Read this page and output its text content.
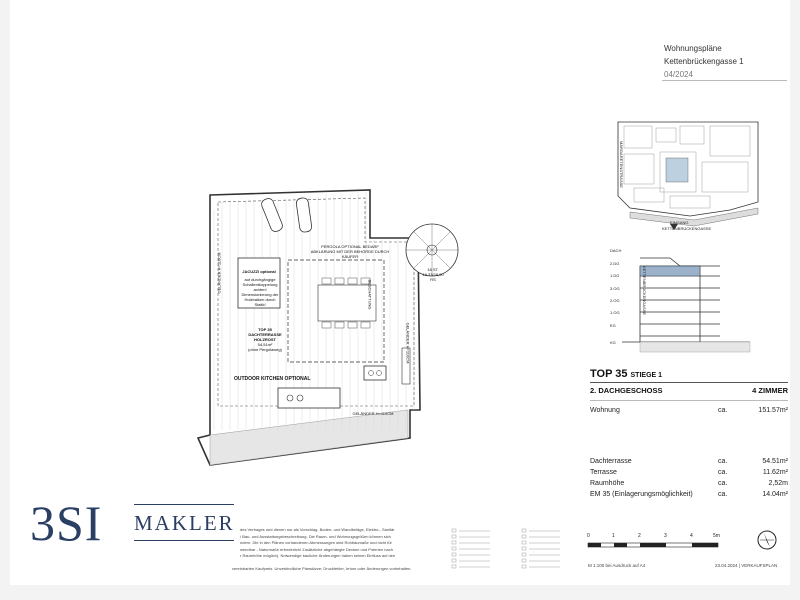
Wohnungspläne
Kettenbrückengasse 1
04/2024
GELÄNDER H=110CM	JACUZZI optional
auf durchgängige Schallentkoppelung achten! Dimensionierung der Holzbalken durch Statik!
PERGOLA OPTIONAL BEDARF ABKLÄRUNG MIT DER BEHÖRDE DURCH KÄUFER
BESCHATTUNG
TOP 35
DACHTERRASSE
HOLZROST
54.51m²
(ohne Pergolaweg)	GELÄNDER H=110CM
GELÄNDER H=110CM
OUTDOOR KITCHEN OPTIONAL
18 ST.
18,33/28,00
RS
MARGARETENSTRASSE
EINGANG
KETTENBRÜCKENGASSE
DACH
2.DG
1.DG
3.OG
2.OG
1.OG
EG
KG
KETTENBRÜCKENGASSE
TOP 35 STIEGE 1
2. DACHGESCHOSS	4 ZIMMER
Wohnung	ca.	151.57m²
Dachterrasse	ca.	54.51m²
Terrasse	ca.	11.62m²
Raumhöhe	ca.	2,52m
EM 35 (Einlagerungsmöglichkeit)	ca.	14.04m²
3SI MAKLER des Vertrages und dienen nur als Vorschlag. Boden- und Wandbeläge, Elektro-, Sanitär
/ Bau- und Ausstattungsbeschreibung. Die Raum- und Wohnungsgrößen können sich
ndern. Die in den Plänen vorhandenen Abmessungen sind Rohbaumaße und nicht für
wendbar - Naturmaße erforderlich! Zusätzliche abgehängte Decken und Poterien nach
r Raumhöhe möglich). Notwendige bauliche Änderungen haben keinen Einfluss auf den
vereinbarten Kaufpreis. Unverbindliche Planskizze; Druckfehler, Irrtum oder Änderungen vorbehalten.
0	1	2	3	4	5m
M 1:100 bei Ausdruck auf A4	23.04.2024 | VERKAUFSPLAN
